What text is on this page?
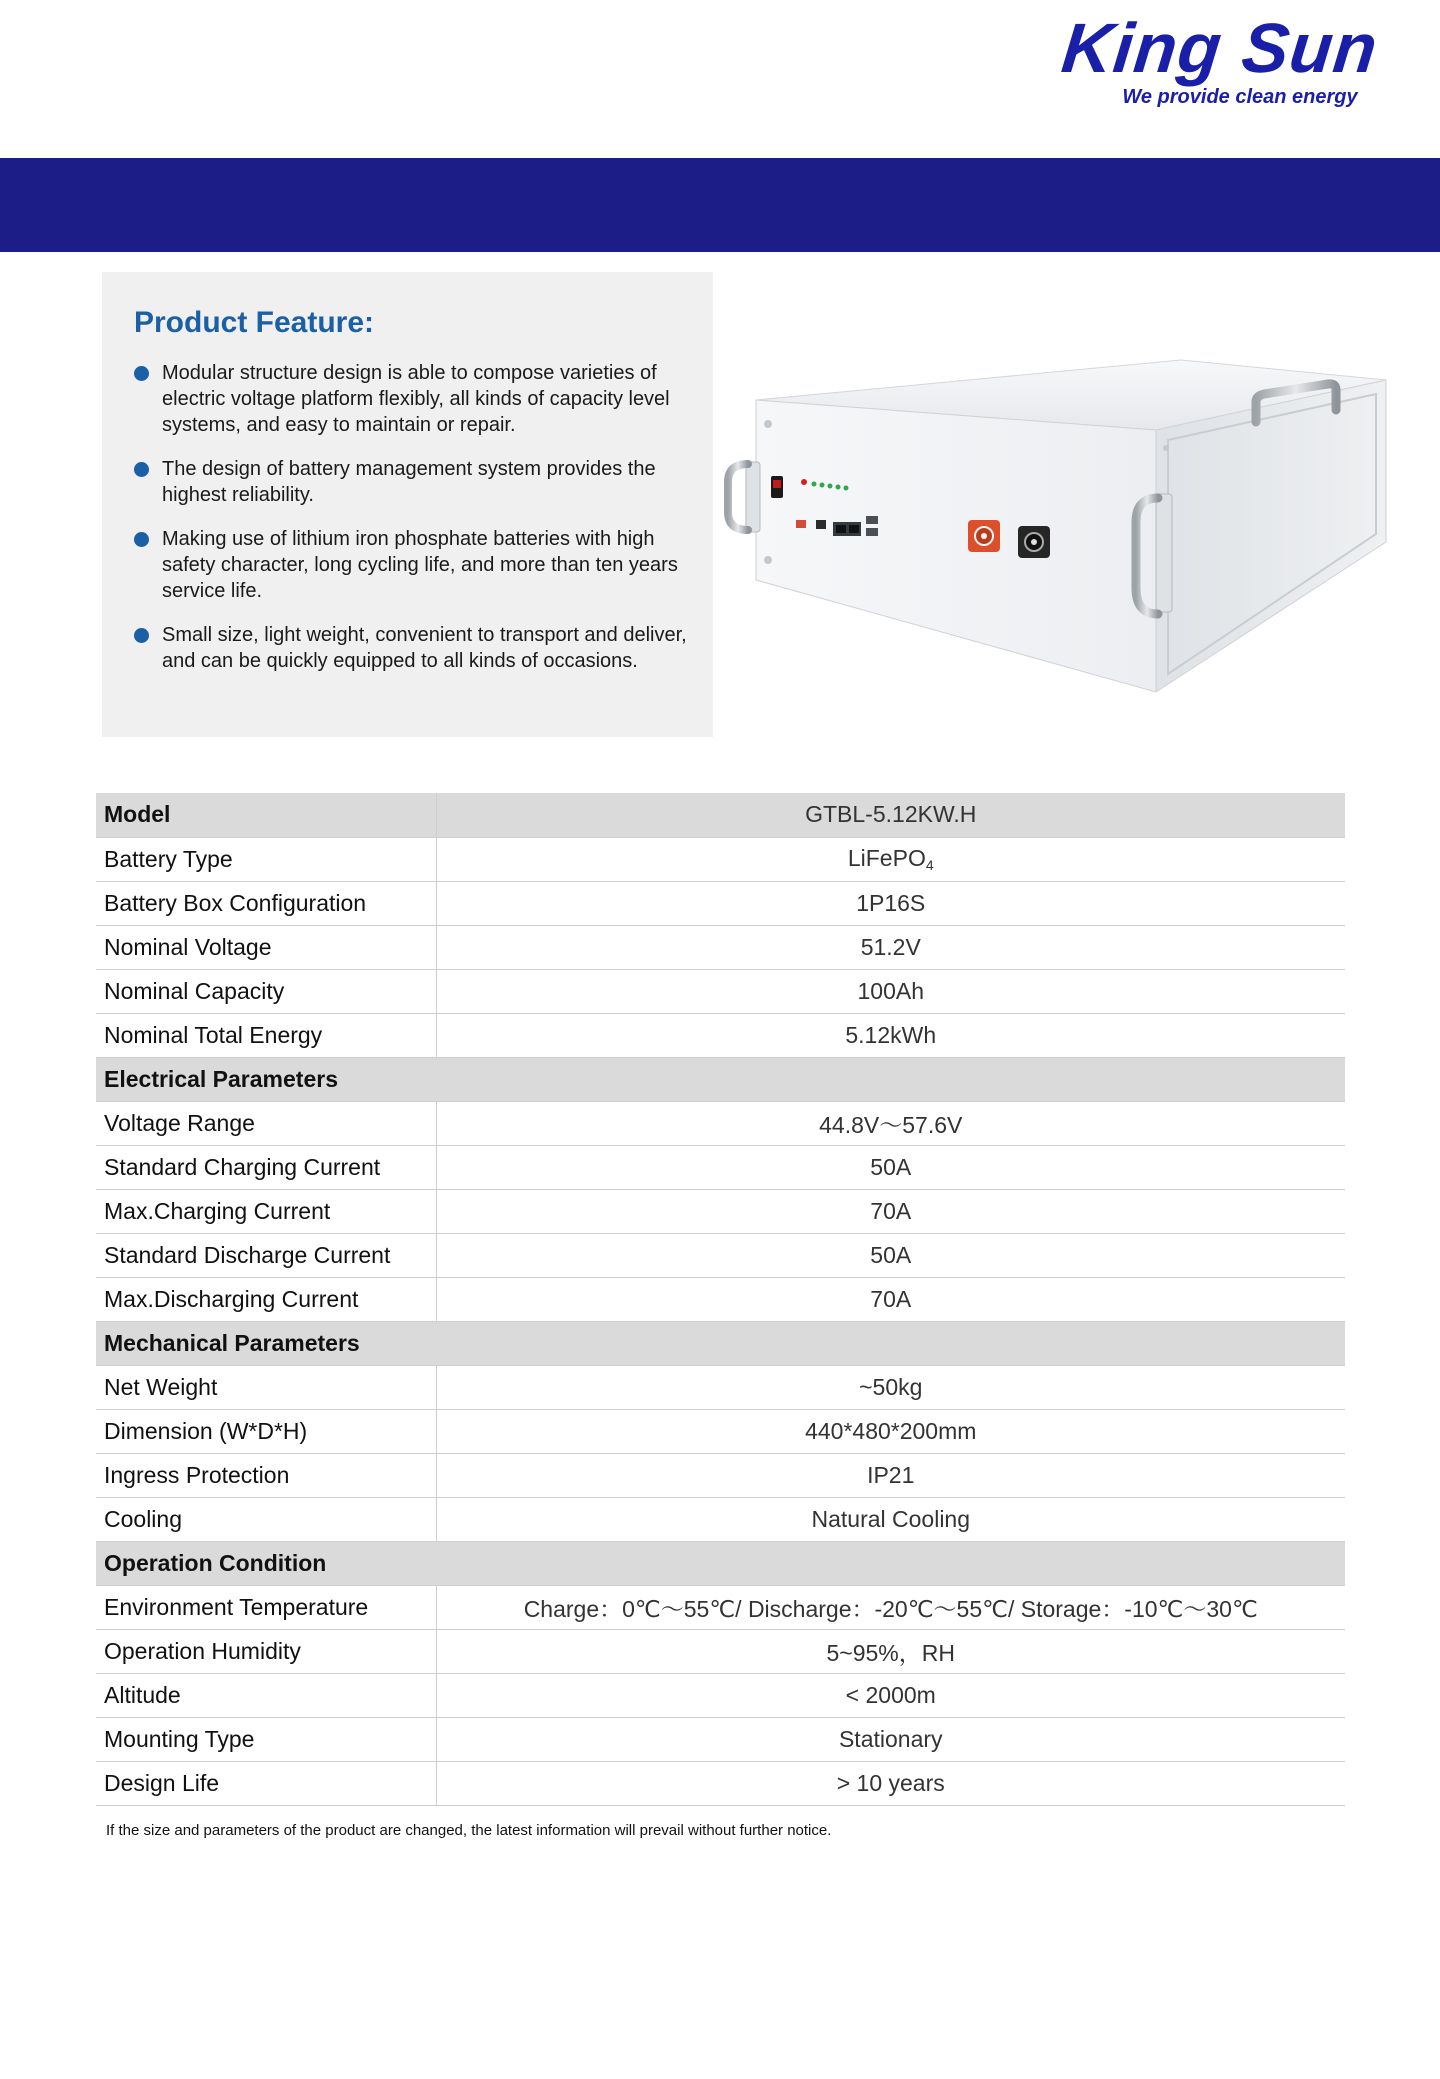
King Sun
We provide clean energy
Product Feature:
Modular structure design is able to compose varieties of electric voltage platform flexibly, all kinds of capacity level systems, and easy to maintain or repair.
The design of battery management system provides the highest reliability.
Making use of lithium iron phosphate batteries with high safety character, long cycling life, and more than ten years service life.
Small size, light weight, convenient to transport and deliver, and can be quickly equipped to all kinds of occasions.
Model	GTBL-5.12KW.H
Battery Type	LiFePO$_4$
Battery Box Configuration	1P16S
Nominal Voltage	51.2V
Nominal Capacity	100Ah
Nominal Total Energy	5.12kWh
Electrical Parameters	
Voltage Range	44.8V～57.6V
Standard Charging Current	50A
Max.Charging Current	70A
Standard Discharge Current	50A
Max.Discharging Current	70A
Mechanical Parameters	
Net Weight	~50kg
Dimension (W*D*H)	440*480*200mm
Ingress Protection	IP21
Cooling	Natural Cooling
Operation Condition	
Environment Temperature	Charge：0℃～55℃/ Discharge：-20℃～55℃/ Storage：-10℃～30℃
Operation Humidity	5~95%，RH
Altitude	< 2000m
Mounting Type	Stationary
Design Life	> 10 years
If the size and parameters of the product are changed, the latest information will prevail without further notice.
